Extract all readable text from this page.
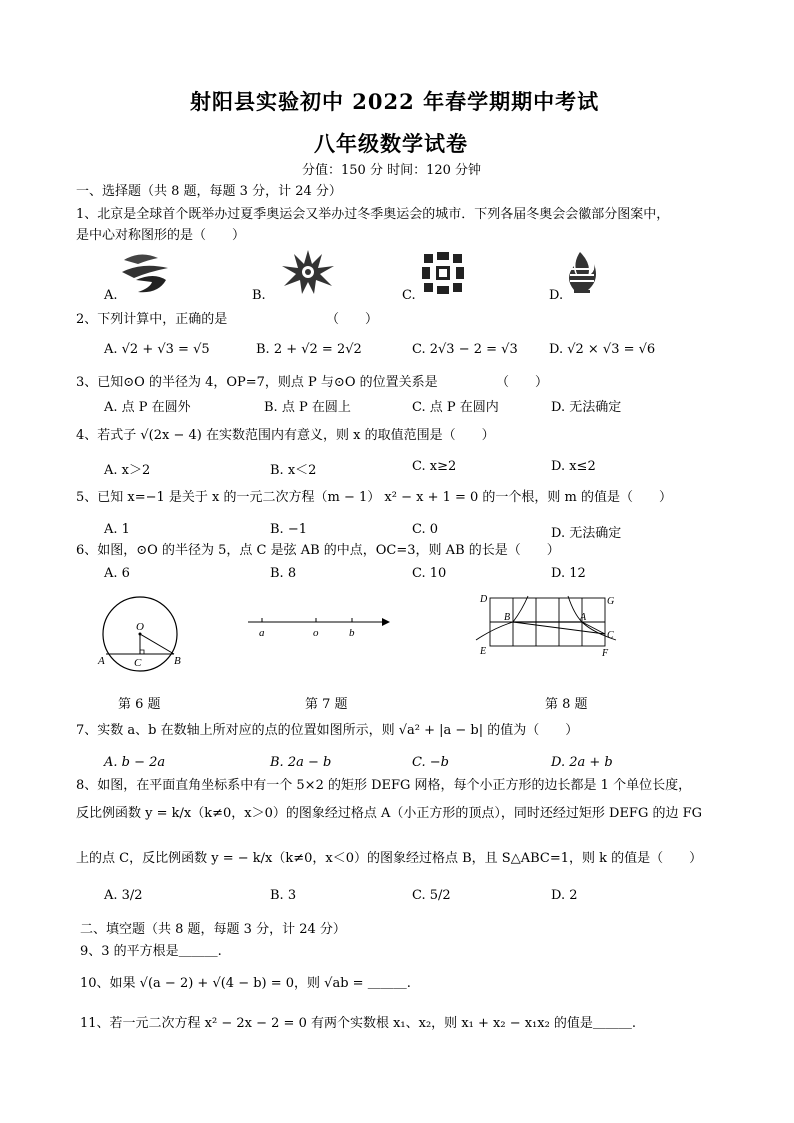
射阳县实验初中 2022 年春学期期中考试
八年级数学试卷
分值：150 分 时间：120 分钟
一、选择题（共 8 题，每题 3 分，计 24 分）
1、北京是全球首个既举办过夏季奥运会又举办过冬季奥运会的城市．下列各届冬奥会会徽部分图案中，
是中心对称图形的是（　　）
A.	B.	C.	D.
2、下列计算中，正确的是	（　　）
A. √2 + √3 = √5	B. 2 + √2 = 2√2	C. 2√3 − 2 = √3 D. √2 × √3 = √6
3、已知⊙O 的半径为 4，OP=7，则点 P 与⊙O 的位置关系是	（　　）
A. 点 P 在圆外	B. 点 P 在圆上	C. 点 P 在圆内	D. 无法确定
4、若式子 √(2x − 4) 在实数范围内有意义，则 x 的取值范围是（　　）
A. x＞2	B. x＜2	C. x≥2	D. x≤2
5、已知 x=−1 是关于 x 的一元二次方程（m − 1） x² − x + 1 = 0 的一个根，则 m 的值是（　　）
A. 1	B. −1	C. 0	D. 无法确定
6、如图，⊙O 的半径为 5，点 C 是弦 AB 的中点，OC=3，则 AB 的长是（　　）
A. 6	B. 8	C. 10	D. 12
O
A	C	B
第 6 题
a	o	b
第 7 题
D	G
B	A
C
E	F
第 8 题
7、实数 a、b 在数轴上所对应的点的位置如图所示，则 √a² + |a − b| 的值为（　　）
A. b − 2a	B. 2a − b	C. −b	D. 2a + b
8、如图，在平面直角坐标系中有一个 5×2 的矩形 DEFG 网格，每个小正方形的边长都是 1 个单位长度，
反比例函数 y = k/x（k≠0，x＞0）的图象经过格点 A（小正方形的顶点），同时还经过矩形 DEFG 的边 FG
上的点 C，反比例函数 y = − k/x（k≠0，x＜0）的图象经过格点 B，且 S△ABC=1，则 k 的值是（　　）
A. 3/2	B. 3	C. 5/2	D. 2
二、填空题（共 8 题，每题 3 分，计 24 分）
9、3 的平方根是＿＿＿.
10、如果 √(a − 2) + √(4 − b) = 0，则 √ab = ＿＿＿.
11、若一元二次方程 x² − 2x − 2 = 0 有两个实数根 x₁、x₂，则 x₁ + x₂ − x₁x₂ 的值是＿＿＿.
